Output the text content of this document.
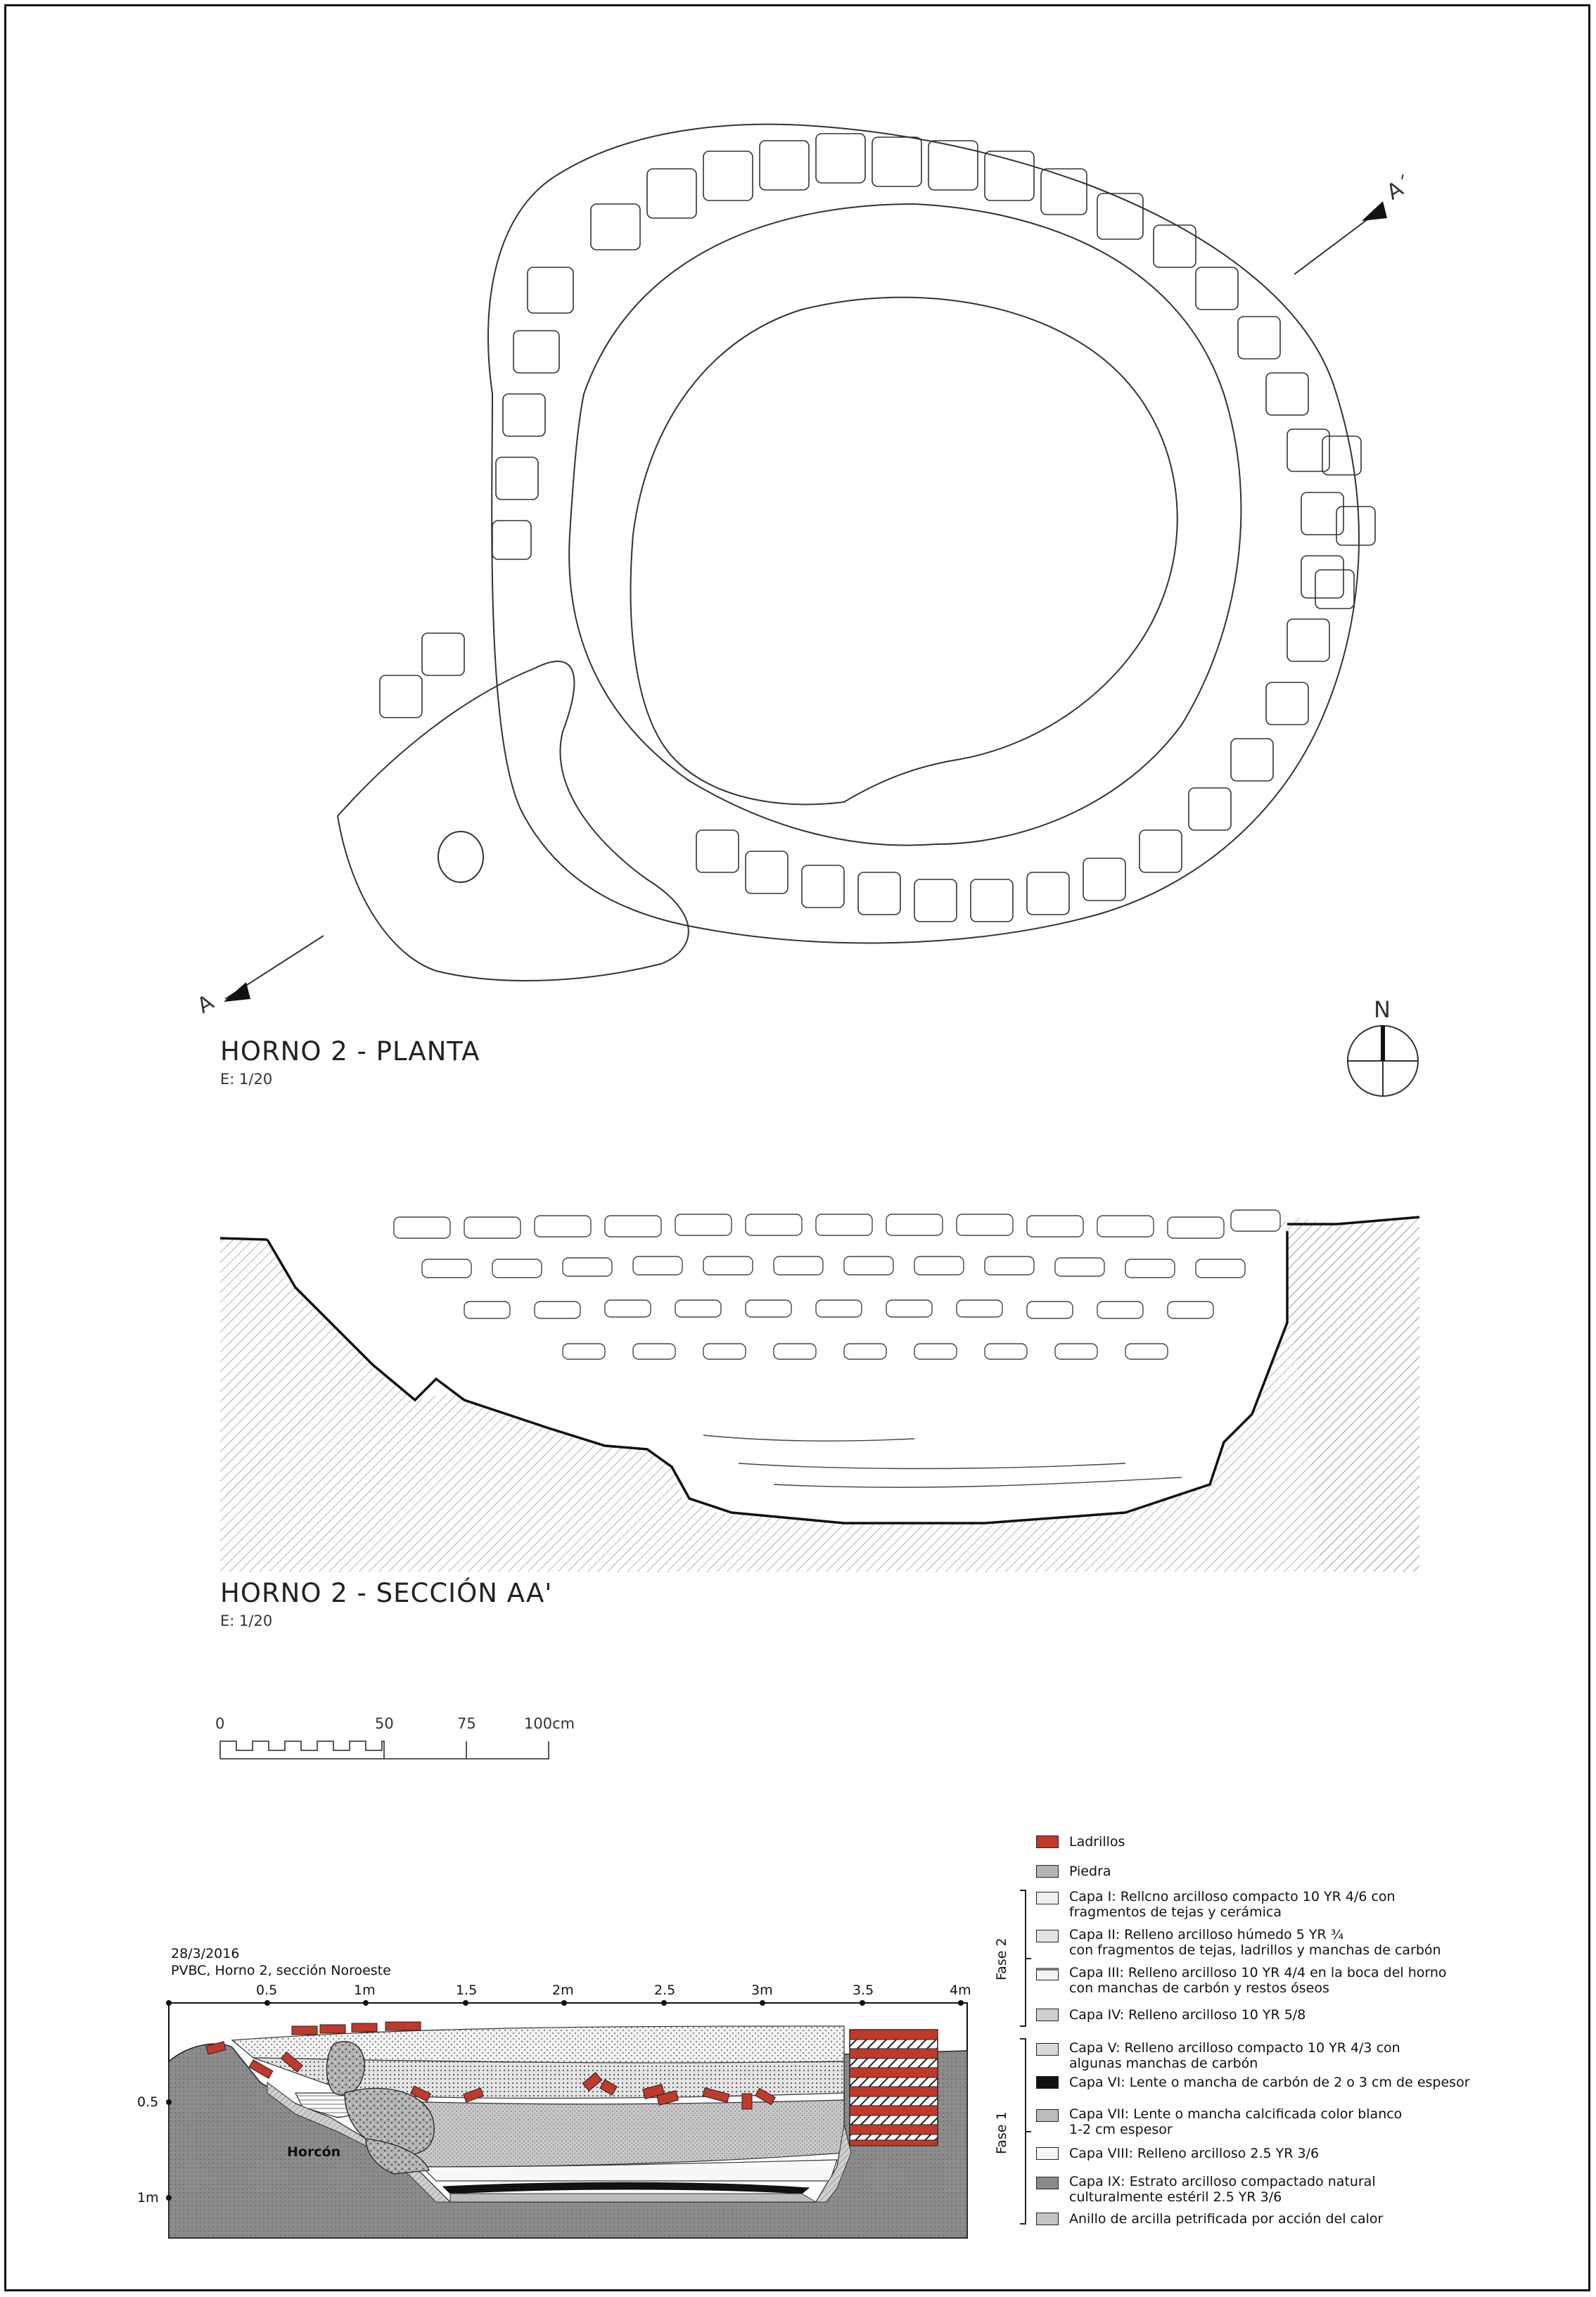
HORNO 2 - PLANTA
E: 1/20
A
A´
N
HORNO 2 - SECCIÓN AA'
E: 1/20
0	50	75	100cm
28/3/2016
PVBC, Horno 2, sección Noroeste
0.5	1m	1.5	2m	2.5	3m	3.5	4m
0.5
1m
Horcón
Fase 2
Fase 1
Ladrillos
Piedra
Capa I: Rellcno arcilloso compacto 10 YR 4/6 con
fragmentos de tejas y cerámica
Capa II: Relleno arcilloso húmedo 5 YR ¾
con fragmentos de tejas, ladrillos y manchas de carbón
Capa III: Relleno arcilloso 10 YR 4/4 en la boca del horno
con manchas de carbón y restos óseos
Capa IV: Relleno arcilloso 10 YR 5/8
Capa V: Relleno arcilloso compacto 10 YR 4/3 con
algunas manchas de carbón
Capa VI: Lente o mancha de carbón de 2 o 3 cm de espesor
Capa VII: Lente o mancha calcificada color blanco
1-2 cm espesor
Capa VIII: Relleno arcilloso 2.5 YR 3/6
Capa IX: Estrato arcilloso compactado natural
culturalmente estéril 2.5 YR 3/6
Anillo de arcilla petrificada por acción del calor
